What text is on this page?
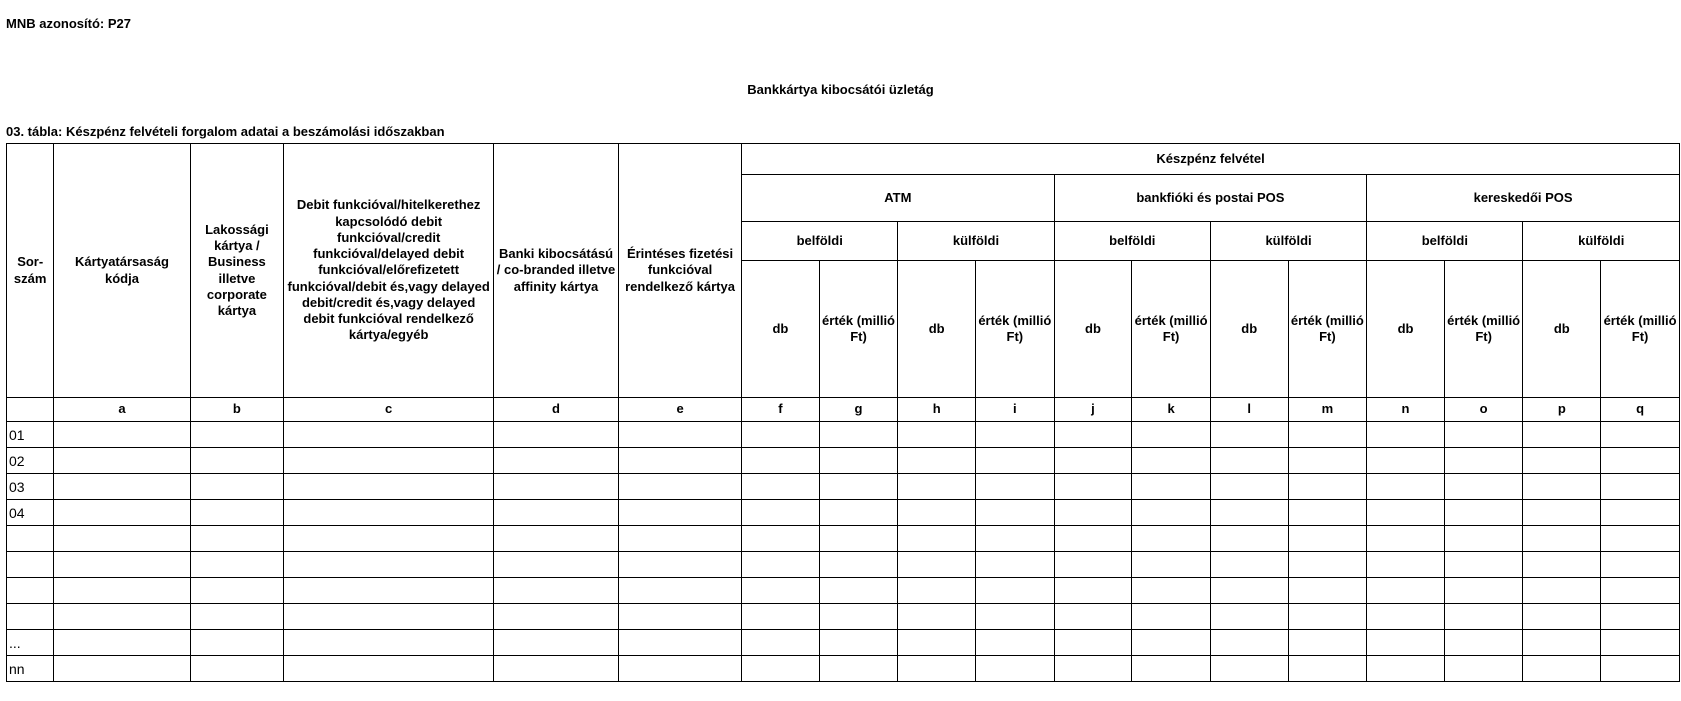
MNB azonosító: P27
Bankkártya kibocsátói üzletág
03. tábla: Készpénz felvételi forgalom adatai a beszámolási időszakban
Sor-szám	Kártyatársaság kódja	Lakossági kártya / Business illetve corporate kártya	Debit funkcióval/hitelkerethez kapcsolódó debit funkcióval/credit funkcióval/delayed debit funkcióval/előrefizetett funkcióval/debit és,vagy delayed debit/credit és,vagy delayed debit funkcióval rendelkező kártya/egyéb	Banki kibocsátású / co-branded illetve affinity kártya	Érintéses fizetési funkcióval rendelkező kártya	Készpénz felvétel											
						ATM				bankfióki és postai POS				kereskedői POS			
						belföldi		külföldi		belföldi		külföldi		belföldi		külföldi	
						db	érték (millió Ft)	db	érték (millió Ft)	db	érték (millió Ft)	db	érték (millió Ft)	db	érték (millió Ft)	db	érték (millió Ft)
	a	b	c	d	e	f	g	h	i	j	k	l	m	n	o	p	q
01																	
02																	
03																	
04																	

...																	
nn																	
